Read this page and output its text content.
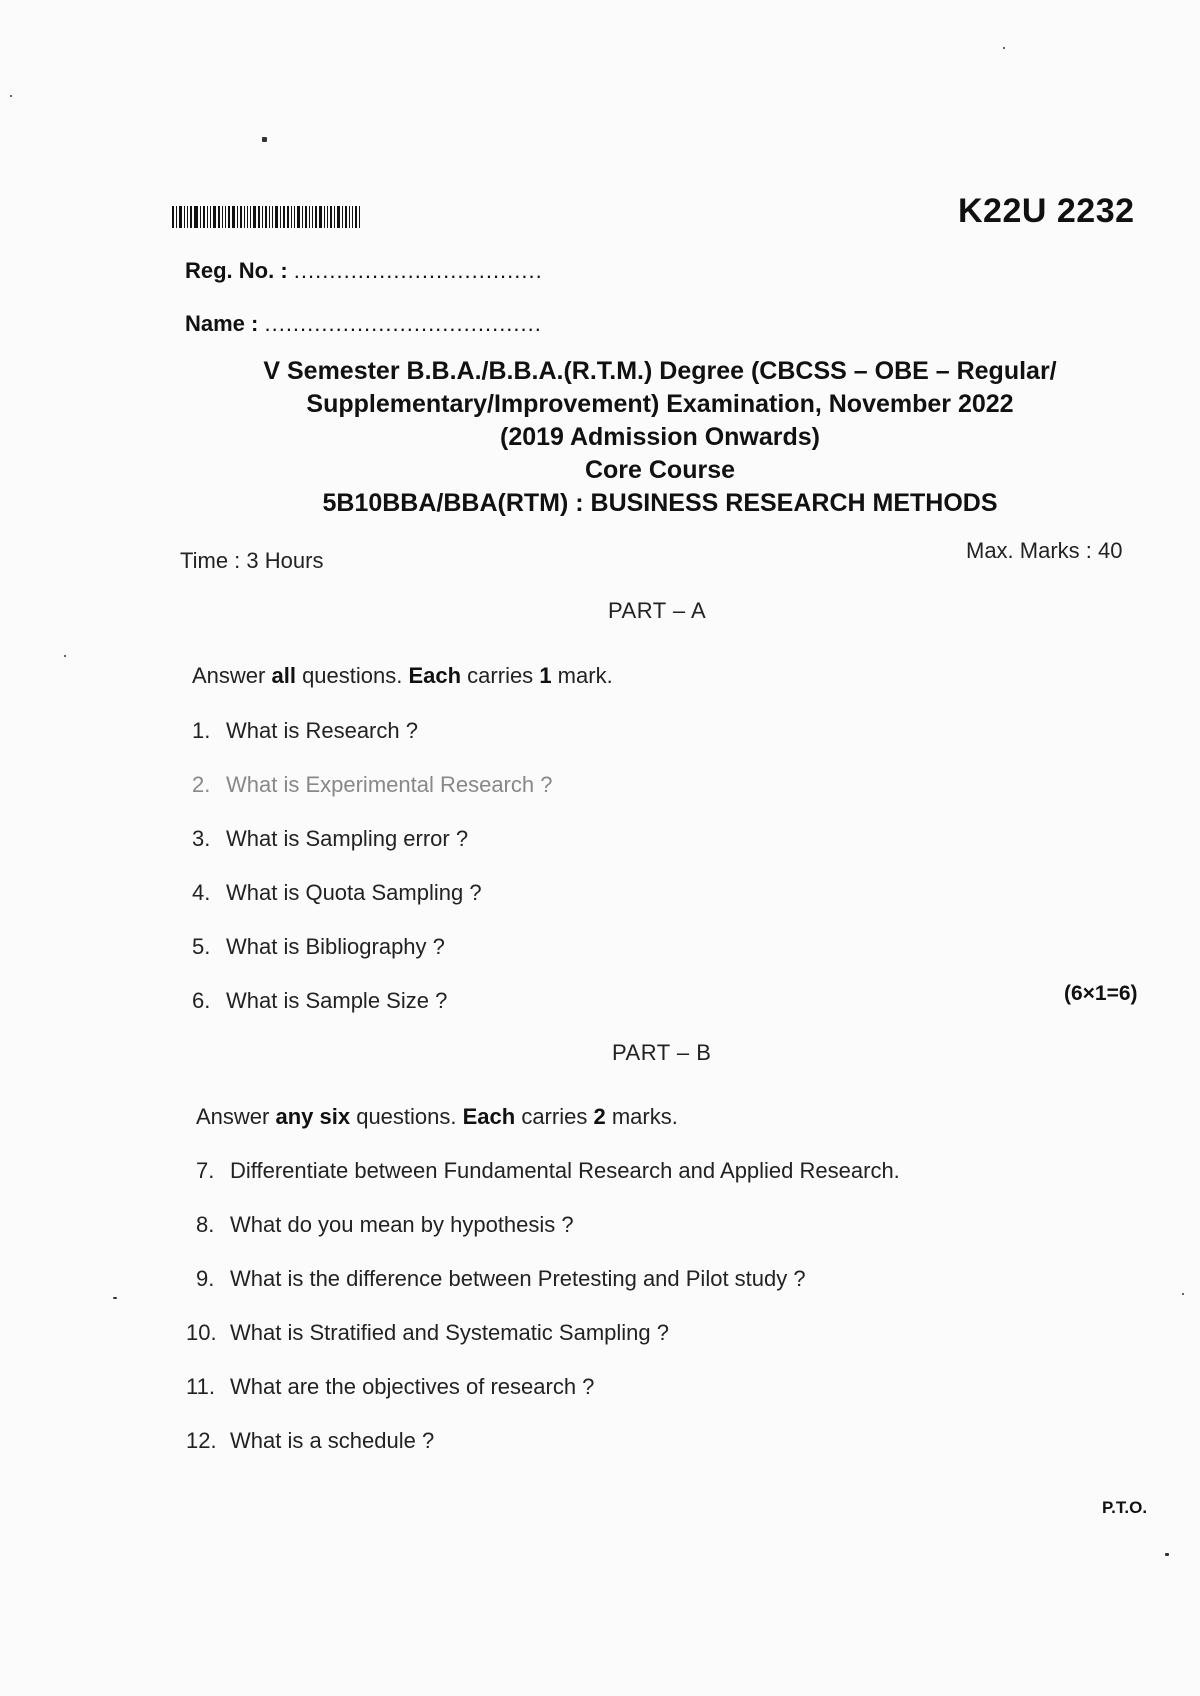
K22U 2232
Reg. No. : ...................................
Name : .......................................
V Semester B.B.A./B.B.A.(R.T.M.) Degree (CBCSS – OBE – Regular/
Supplementary/Improvement) Examination, November 2022
(2019 Admission Onwards)
Core Course
5B10BBA/BBA(RTM) : BUSINESS RESEARCH METHODS
Time : 3 Hours	Max. Marks : 40
PART – A
Answer all questions. Each carries 1 mark.
1. What is Research ?
2. What is Experimental Research ?
3. What is Sampling error ?
4. What is Quota Sampling ?
5. What is Bibliography ?
6. What is Sample Size ?	(6×1=6)
PART – B
Answer any six questions. Each carries 2 marks.
7. Differentiate between Fundamental Research and Applied Research.
8. What do you mean by hypothesis ?
9. What is the difference between Pretesting and Pilot study ?
10. What is Stratified and Systematic Sampling ?
11. What are the objectives of research ?
12. What is a schedule ?
P.T.O.
